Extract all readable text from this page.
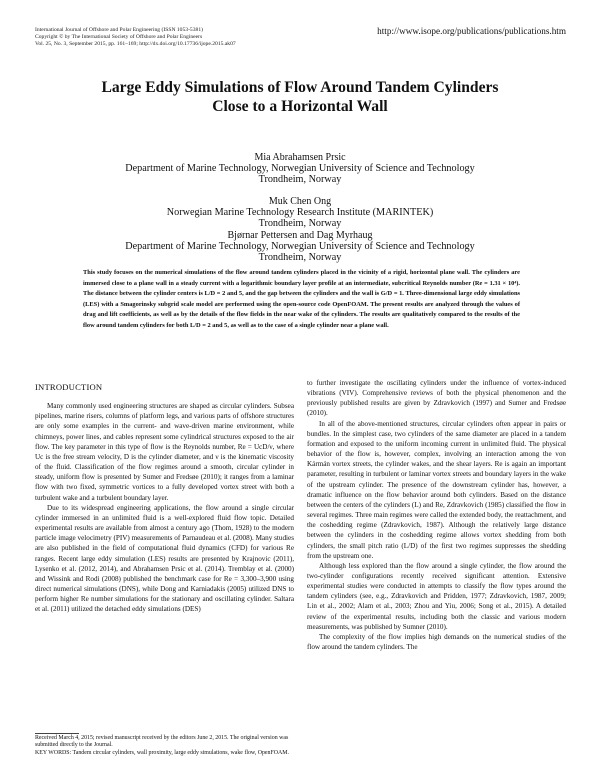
International Journal of Offshore and Polar Engineering (ISSN 1053-5381)
Copyright © by The International Society of Offshore and Polar Engineers
Vol. 25, No. 3, September 2015, pp. 161–169; http://dx.doi.org/10.17736/ijope.2015.ak07
http://www.isope.org/publications/publications.htm
Large Eddy Simulations of Flow Around Tandem Cylinders
Close to a Horizontal Wall
Mia Abrahamsen Prsic
Department of Marine Technology, Norwegian University of Science and Technology
Trondheim, Norway
Muk Chen Ong
Norwegian Marine Technology Research Institute (MARINTEK)
Trondheim, Norway
Bjørnar Pettersen and Dag Myrhaug
Department of Marine Technology, Norwegian University of Science and Technology
Trondheim, Norway
This study focuses on the numerical simulations of the flow around tandem cylinders placed in the vicinity of a rigid, horizontal plane wall. The cylinders are immersed close to a plane wall in a steady current with a logarithmic boundary layer profile at an intermediate, subcritical Reynolds number (Re = 1.31 × 10⁴). The distance between the cylinder centers is L/D = 2 and 5, and the gap between the cylinders and the wall is G/D = 1. Three-dimensional large eddy simulations (LES) with a Smagorinsky subgrid scale model are performed using the open-source code OpenFOAM. The present results are analyzed through the values of drag and lift coefficients, as well as by the details of the flow fields in the near wake of the cylinders. The results are qualitatively compared to the results of the flow around tandem cylinders for both L/D = 2 and 5, as well as to the case of a single cylinder near a plane wall.
INTRODUCTION

Many commonly used engineering structures are shaped as circular cylinders. Subsea pipelines, marine risers, columns of platform legs, and various parts of offshore structures are only some examples in the current- and wave-driven marine environment, while chimneys, power lines, and cables represent some cylindrical structures exposed to the air flow. The key parameter in this type of flow is the Reynolds number, Re = UcD/ν, where Uc is the free stream velocity, D is the cylinder diameter, and ν is the kinematic viscosity of the fluid. Classification of the flow regimes around a smooth, circular cylinder in steady, uniform flow is presented by Sumer and Fredsøe (2010); it ranges from a laminar flow with two fixed, symmetric vortices to a fully developed vortex street with both a turbulent wake and a turbulent boundary layer.

Due to its widespread engineering applications, the flow around a single circular cylinder immersed in an unlimited fluid is a well-explored fluid flow topic. Detailed experimental results are available from almost a century ago (Thom, 1928) to the modern particle image velocimetry (PIV) measurements of Parnaudeau et al. (2008). Many studies are also published in the field of computational fluid dynamics (CFD) for various Re ranges. Recent large eddy simulation (LES) results are presented by Krajnovic (2011), Lysenko et al. (2012, 2014), and Abrahamsen Prsic et al. (2014). Tremblay et al. (2000) and Wissink and Rodi (2008) published the benchmark case for Re = 3,300–3,900 using direct numerical simulations (DNS), while Dong and Karniadakis (2005) utilized DNS to perform higher Re number simulations for the stationary and oscillating cylinder. Saltara et al. (2011) utilized the detached eddy simulations (DES)

to further investigate the oscillating cylinders under the influence of vortex-induced vibrations (VIV). Comprehensive reviews of both the physical phenomenon and the previously published results are given by Zdravkovich (1997) and Sumer and Fredsøe (2010).

In all of the above-mentioned structures, circular cylinders often appear in pairs or bundles. In the simplest case, two cylinders of the same diameter are placed in a tandem formation and exposed to the uniform incoming current in unlimited fluid. The physical behavior of the flow is, however, complex, involving an interaction among the von Kármán vortex streets, the cylinder wakes, and the shear layers. Re is again an important parameter, resulting in turbulent or laminar vortex streets and boundary layers in the wake of the upstream cylinder. The presence of the downstream cylinder has, however, a dramatic influence on the flow behavior around both cylinders. Based on the distance between the centers of the cylinders (L) and Re, Zdravkovich (1985) classified the flow in several regimes. Three main regimes were called the extended body, the reattachment, and the coshedding regime (Zdravkovich, 1987). Although the relatively large distance between the cylinders in the coshedding regime allows vortex shedding from both cylinders, the small pitch ratio (L/D) of the first two regimes suppresses the shedding from the upstream one.

Although less explored than the flow around a single cylinder, the flow around the two-cylinder configurations recently received significant attention. Extensive experimental studies were conducted in attempts to classify the flow types around the tandem cylinders (see, e.g., Zdravkovich and Pridden, 1977; Zdravkovich, 1987, 2009; Lin et al., 2002; Alam et al., 2003; Zhou and Yiu, 2006; Song et al., 2015). A detailed review of the experimental results, including both the classic and various modern measurements, was published by Sumner (2010).

The complexity of the flow implies high demands on the numerical studies of the flow around the tandem cylinders. The

Received March 4, 2015; revised manuscript received by the editors June 2, 2015. The original version was submitted directly to the Journal.
KEY WORDS: Tandem circular cylinders, wall proximity, large eddy simulations, wake flow, OpenFOAM.
